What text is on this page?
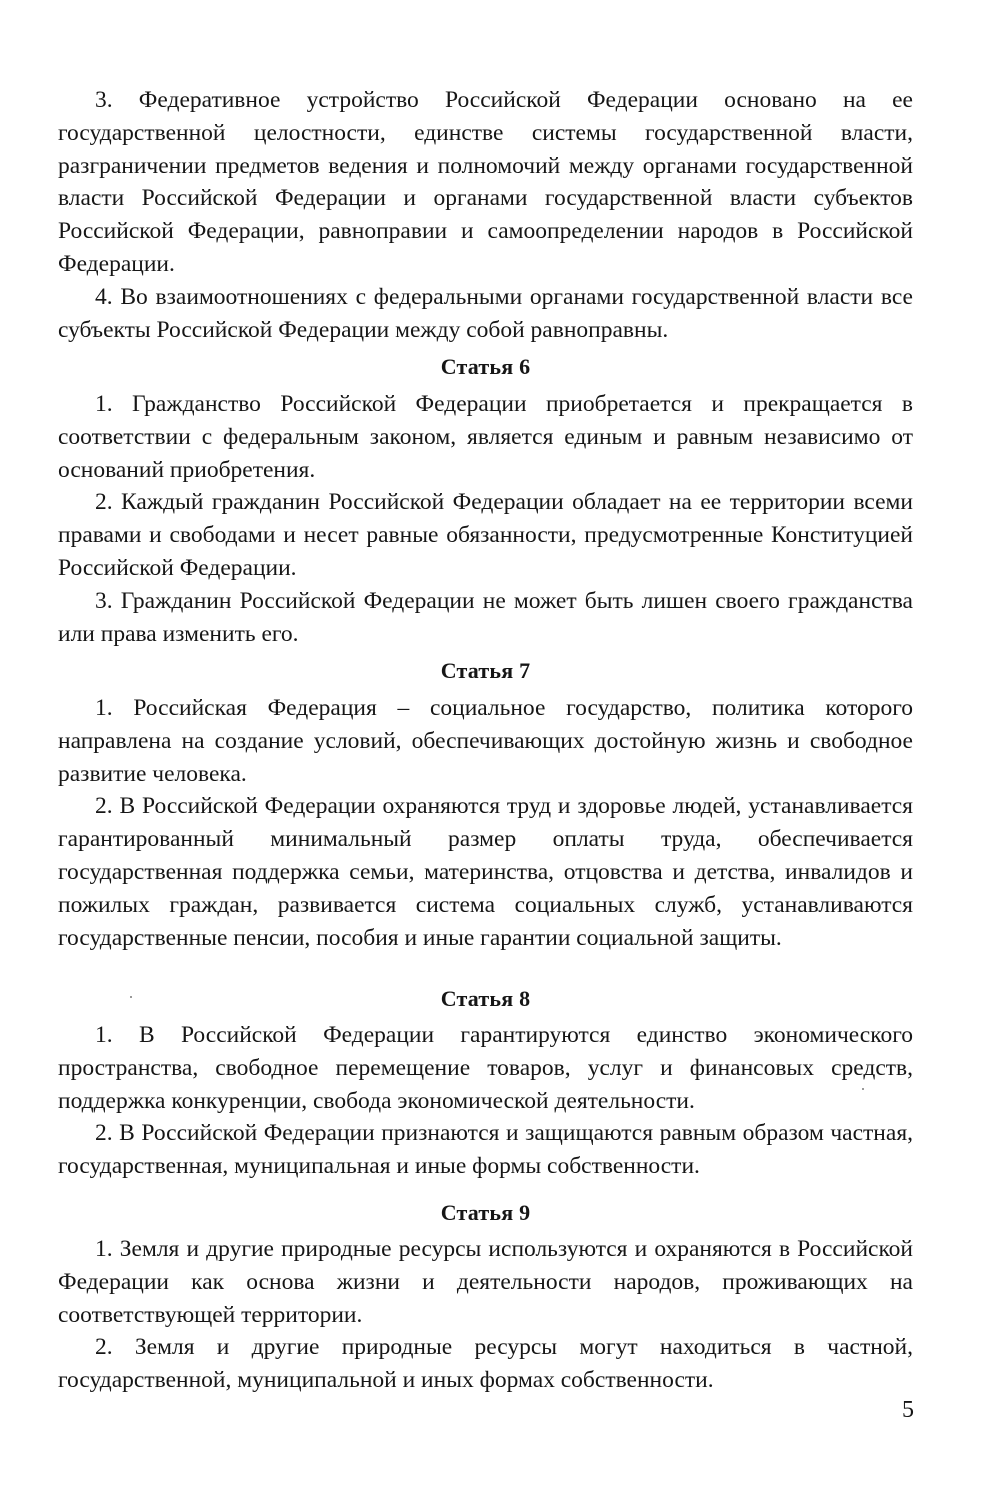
3. Федеративное устройство Российской Федерации основано на ее государственной целостности, единстве системы государственной власти, разграничении предметов ведения и полномочий между органами государственной власти Российской Федерации и органами государственной власти субъектов Российской Федерации, равноправии и самоопределении народов в Российской Федерации.

4. Во взаимоотношениях с федеральными органами государственной власти все субъекты Российской Федерации между собой равноправны.

Статья 6

1. Гражданство Российской Федерации приобретается и прекращается в соответствии с федеральным законом, является единым и равным независимо от оснований приобретения.

2. Каждый гражданин Российской Федерации обладает на ее территории всеми правами и свободами и несет равные обязанности, предусмотренные Конституцией Российской Федерации.

3. Гражданин Российской Федерации не может быть лишен своего гражданства или права изменить его.

Статья 7

1. Российская Федерация – социальное государство, политика которого направлена на создание условий, обеспечивающих достойную жизнь и свободное развитие человека.

2. В Российской Федерации охраняются труд и здоровье людей, устанавливается гарантированный минимальный размер оплаты труда, обеспечивается государственная поддержка семьи, материнства, отцовства и детства, инвалидов и пожилых граждан, развивается система социальных служб, устанавливаются государственные пенсии, пособия и иные гарантии социальной защиты.

Статья 8

1. В Российской Федерации гарантируются единство экономического пространства, свободное перемещение товаров, услуг и финансовых средств, поддержка конкуренции, свобода экономической деятельности.

2. В Российской Федерации признаются и защищаются равным образом частная, государственная, муниципальная и иные формы собственности.

Статья 9

1. Земля и другие природные ресурсы используются и охраняются в Российской Федерации как основа жизни и деятельности народов, проживающих на соответствующей территории.

2. Земля и другие природные ресурсы могут находиться в частной, государственной, муниципальной и иных формах собственности.

5
